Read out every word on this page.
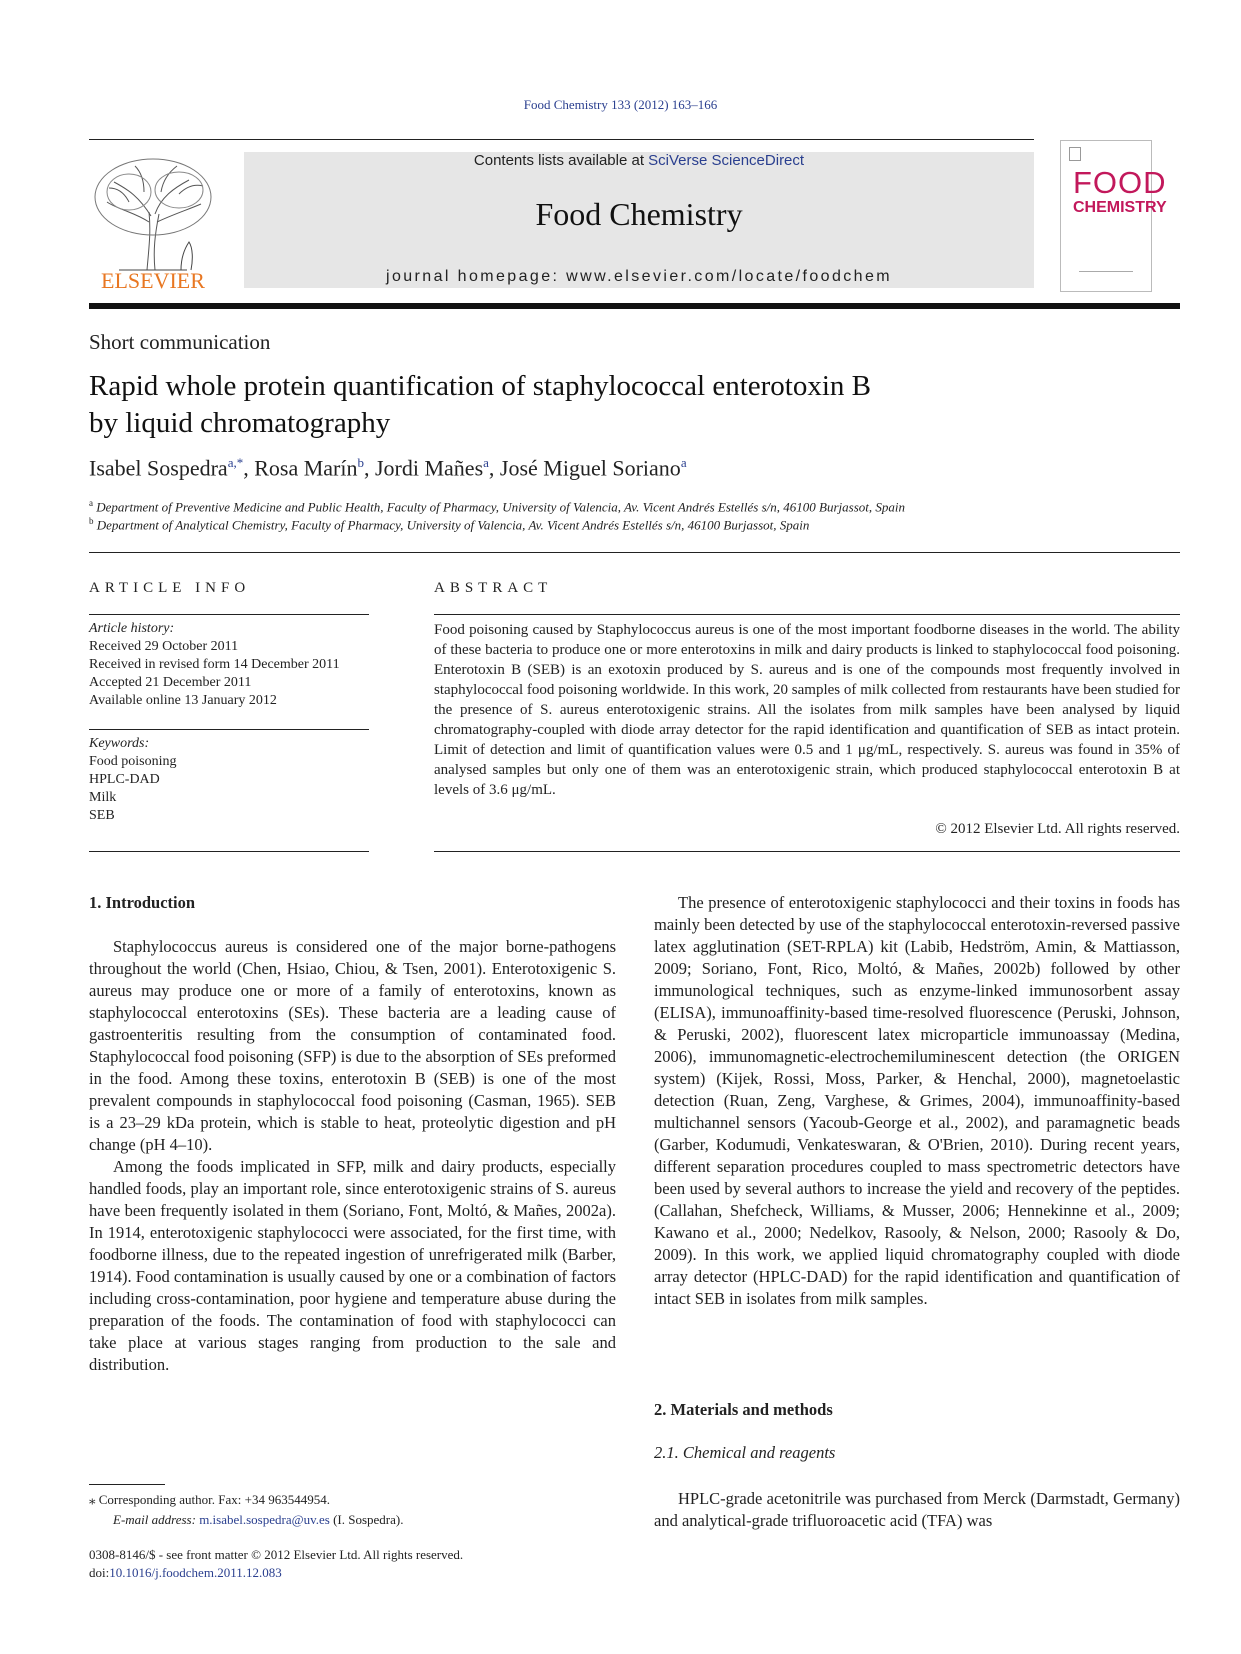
Food Chemistry 133 (2012) 163–166
ELSEVIER
Contents lists available at SciVerse ScienceDirect
Food Chemistry
journal homepage: www.elsevier.com/locate/foodchem
FOOD
CHEMISTRY
Short communication
Rapid whole protein quantification of staphylococcal enterotoxin B
by liquid chromatography
Isabel Sospedra$^{a,*}$, Rosa Marín$^b$, Jordi Mañes$^a$, José Miguel Soriano$^a$
$^a$ Department of Preventive Medicine and Public Health, Faculty of Pharmacy, University of Valencia, Av. Vicent Andrés Estellés s/n, 46100 Burjassot, Spain
$^b$ Department of Analytical Chemistry, Faculty of Pharmacy, University of Valencia, Av. Vicent Andrés Estellés s/n, 46100 Burjassot, Spain
ARTICLE INFO	ABSTRACT
Article history:
Received 29 October 2011
Received in revised form 14 December 2011
Accepted 21 December 2011
Available online 13 January 2012
Keywords:
Food poisoning
HPLC-DAD
Milk
SEB
Food poisoning caused by Staphylococcus aureus is one of the most important foodborne diseases in the world. The ability of these bacteria to produce one or more enterotoxins in milk and dairy products is linked to staphylococcal food poisoning. Enterotoxin B (SEB) is an exotoxin produced by S. aureus and is one of the compounds most frequently involved in staphylococcal food poisoning worldwide. In this work, 20 samples of milk collected from restaurants have been studied for the presence of S. aureus enterotoxigenic strains. All the isolates from milk samples have been analysed by liquid chromatography-coupled with diode array detector for the rapid identification and quantification of SEB as intact protein. Limit of detection and limit of quantification values were 0.5 and 1 μg/mL, respectively. S. aureus was found in 35% of analysed samples but only one of them was an enterotoxigenic strain, which produced staphylococcal enterotoxin B at levels of 3.6 μg/mL.
© 2012 Elsevier Ltd. All rights reserved.
1. Introduction

Staphylococcus aureus is considered one of the major borne-pathogens throughout the world (Chen, Hsiao, Chiou, & Tsen, 2001). Enterotoxigenic S. aureus may produce one or more of a family of enterotoxins, known as staphylococcal enterotoxins (SEs). These bacteria are a leading cause of gastroenteritis resulting from the consumption of contaminated food. Staphylococcal food poisoning (SFP) is due to the absorption of SEs preformed in the food. Among these toxins, enterotoxin B (SEB) is one of the most prevalent compounds in staphylococcal food poisoning (Casman, 1965). SEB is a 23–29 kDa protein, which is stable to heat, proteolytic digestion and pH change (pH 4–10).

Among the foods implicated in SFP, milk and dairy products, especially handled foods, play an important role, since enterotoxigenic strains of S. aureus have been frequently isolated in them (Soriano, Font, Moltó, & Mañes, 2002a). In 1914, enterotoxigenic staphylococci were associated, for the first time, with foodborne illness, due to the repeated ingestion of unrefrigerated milk (Barber, 1914). Food contamination is usually caused by one or a combination of factors including cross-contamination, poor hygiene and temperature abuse during the preparation of the foods. The contamination of food with staphylococci can take place at various stages ranging from production to the sale and distribution.

The presence of enterotoxigenic staphylococci and their toxins in foods has mainly been detected by use of the staphylococcal enterotoxin-reversed passive latex agglutination (SET-RPLA) kit (Labib, Hedström, Amin, & Mattiasson, 2009; Soriano, Font, Rico, Moltó, & Mañes, 2002b) followed by other immunological techniques, such as enzyme-linked immunosorbent assay (ELISA), immunoaffinity-based time-resolved fluorescence (Peruski, Johnson, & Peruski, 2002), fluorescent latex microparticle immunoassay (Medina, 2006), immunomagnetic-electrochemiluminescent detection (the ORIGEN system) (Kijek, Rossi, Moss, Parker, & Henchal, 2000), magnetoelastic detection (Ruan, Zeng, Varghese, & Grimes, 2004), immunoaffinity-based multichannel sensors (Yacoub-George et al., 2002), and paramagnetic beads (Garber, Kodumudi, Venkateswaran, & O'Brien, 2010). During recent years, different separation procedures coupled to mass spectrometric detectors have been used by several authors to increase the yield and recovery of the peptides. (Callahan, Shefcheck, Williams, & Musser, 2006; Hennekinne et al., 2009; Kawano et al., 2000; Nedelkov, Rasooly, & Nelson, 2000; Rasooly & Do, 2009). In this work, we applied liquid chromatography coupled with diode array detector (HPLC-DAD) for the rapid identification and quantification of intact SEB in isolates from milk samples.

2. Materials and methods
2.1. Chemical and reagents

HPLC-grade acetonitrile was purchased from Merck (Darmstadt, Germany) and analytical-grade trifluoroacetic acid (TFA) was

⁎ Corresponding author. Fax: +34 963544954.
E-mail address: m.isabel.sospedra@uv.es (I. Sospedra).
0308-8146/$ - see front matter © 2012 Elsevier Ltd. All rights reserved.
doi:10.1016/j.foodchem.2011.12.083
